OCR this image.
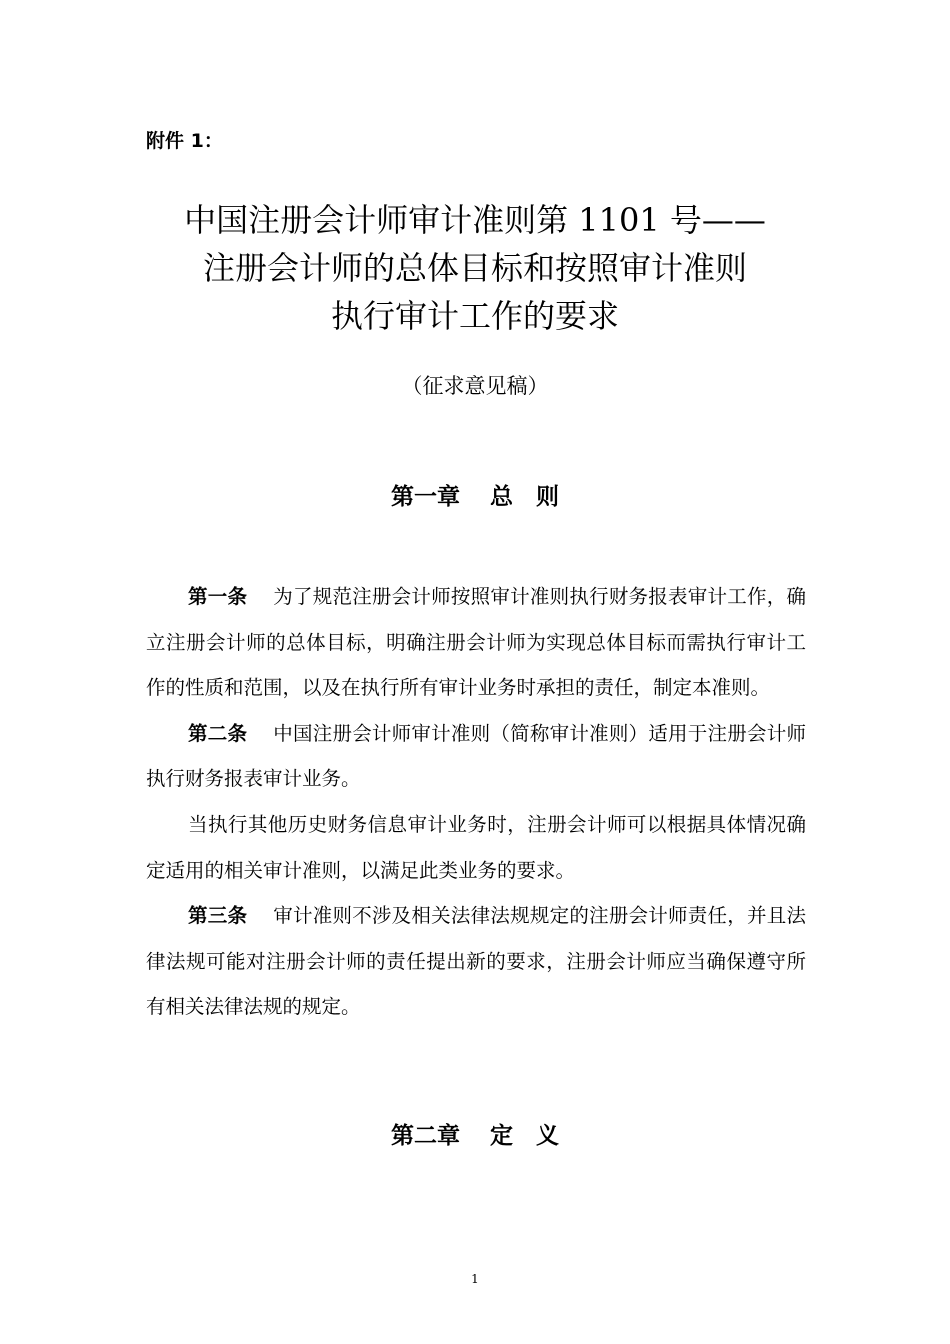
附件 1：
中国注册会计师审计准则第 1101 号——
注册会计师的总体目标和按照审计准则
执行审计工作的要求
（征求意见稿）
第一章 总　则

第一条 为了规范注册会计师按照审计准则执行财务报表审计工作，确立注册会计师的总体目标，明确注册会计师为实现总体目标而需执行审计工作的性质和范围，以及在执行所有审计业务时承担的责任，制定本准则。

第二条 中国注册会计师审计准则（简称审计准则）适用于注册会计师执行财务报表审计业务。

当执行其他历史财务信息审计业务时，注册会计师可以根据具体情况确定适用的相关审计准则，以满足此类业务的要求。

第三条 审计准则不涉及相关法律法规规定的注册会计师责任，并且法律法规可能对注册会计师的责任提出新的要求，注册会计师应当确保遵守所有相关法律法规的规定。

第二章 定　义
1
